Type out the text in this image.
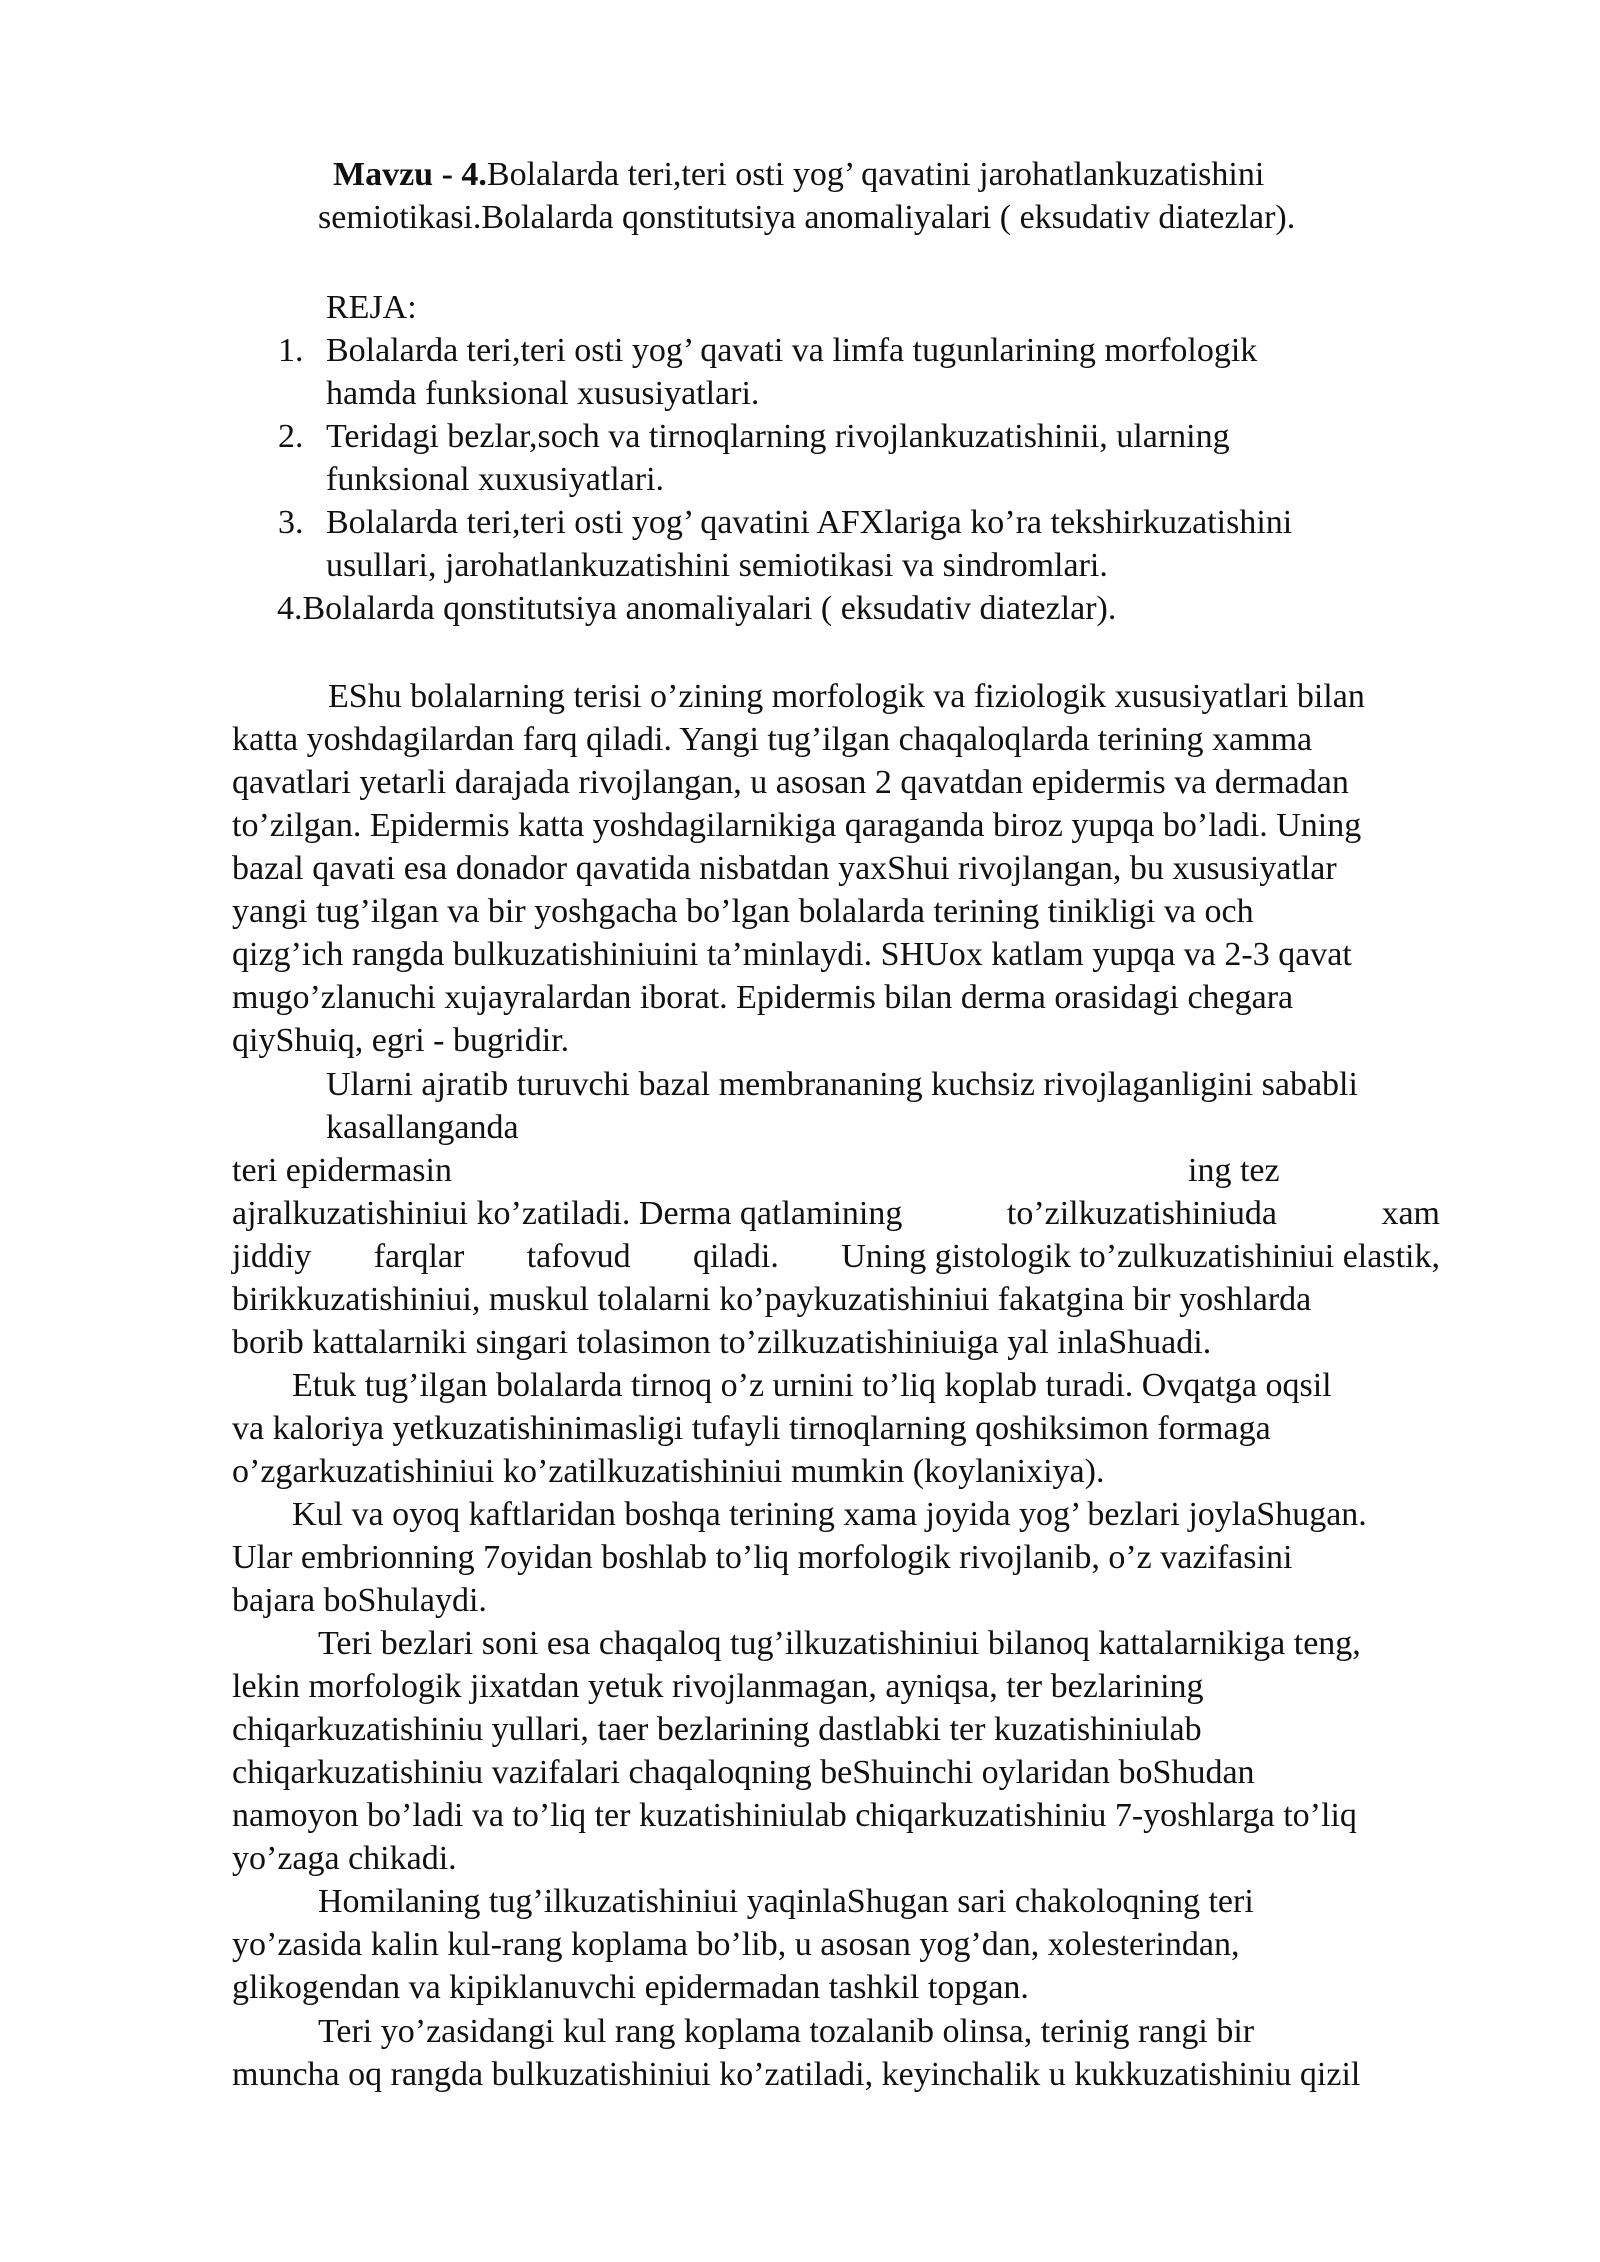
Mavzu - 4.Bolalarda teri,teri osti yog’ qavatini jarohatlankuzatishini
semiotikasi.Bolalarda qonstitutsiya anomaliyalari ( eksudativ diatezlar).
REJA:
1. Bolalarda teri,teri osti yog’ qavati va limfa tugunlarining morfologik
hamda funksional xususiyatlari.
2. Teridagi bezlar,soch va tirnoqlarning rivojlankuzatishinii, ularning
funksional xuxusiyatlari.
3. Bolalarda teri,teri osti yog’ qavatini AFXlariga ko’ra tekshirkuzatishini
usullari, jarohatlankuzatishini semiotikasi va sindromlari.
4.Bolalarda qonstitutsiya anomaliyalari ( eksudativ diatezlar).
EShu bolalarning terisi o’zining morfologik va fiziologik xususiyatlari bilan
katta yoshdagilardan farq qiladi. Yangi tug’ilgan chaqaloqlarda terining xamma
qavatlari yetarli darajada rivojlangan, u asosan 2 qavatdan epidermis va dermadan
to’zilgan. Epidermis katta yoshdagilarnikiga qaraganda biroz yupqa bo’ladi. Uning
bazal qavati esa donador qavatida nisbatdan yaxShui rivojlangan, bu xususiyatlar
yangi tug’ilgan va bir yoshgacha bo’lgan bolalarda terining tinikligi va och
qizg’ich rangda bulkuzatishiniuini ta’minlaydi. SHUox katlam yupqa va 2-3 qavat
mugo’zlanuchi xujayralardan iborat. Epidermis bilan derma orasidagi chegara
qiyShuiq, egri - bugridir.
Ularni ajratib turuvchi bazal membrananing kuchsiz rivojlaganligini sababli
kasallanganda
teri epidermasin	ing tez
ajralkuzatishiniui ko’zatiladi. Derma qatlamining	to’zilkuzatishiniuda	xam
jiddiy farqlar tafovud qiladi. Uning gistologik to’zulkuzatishiniui elastik,
birikkuzatishiniui, muskul tolalarni ko’paykuzatishiniui fakatgina bir yoshlarda
borib kattalarniki singari tolasimon to’zilkuzatishiniuiga yal inlaShuadi.
Etuk tug’ilgan bolalarda tirnoq o’z urnini to’liq koplab turadi. Ovqatga oqsil
va kaloriya yetkuzatishinimasligi tufayli tirnoqlarning qoshiksimon formaga
o’zgarkuzatishiniui ko’zatilkuzatishiniui mumkin (koylanixiya).
Kul va oyoq kaftlaridan boshqa terining xama joyida yog’ bezlari joylaShugan.
Ular embrionning 7oyidan boshlab to’liq morfologik rivojlanib, o’z vazifasini
bajara boShulaydi.
Teri bezlari soni esa chaqaloq tug’ilkuzatishiniui bilanoq kattalarnikiga teng,
lekin morfologik jixatdan yetuk rivojlanmagan, ayniqsa, ter bezlarining
chiqarkuzatishiniu yullari, taer bezlarining dastlabki ter kuzatishiniulab
chiqarkuzatishiniu vazifalari chaqaloqning beShuinchi oylaridan boShudan
namoyon bo’ladi va to’liq ter kuzatishiniulab chiqarkuzatishiniu 7-yoshlarga to’liq
yo’zaga chikadi.
Homilaning tug’ilkuzatishiniui yaqinlaShugan sari chakoloqning teri
yo’zasida kalin kul-rang koplama bo’lib, u asosan yog’dan, xolesterindan,
glikogendan va kipiklanuvchi epidermadan tashkil topgan.
Teri yo’zasidangi kul rang koplama tozalanib olinsa, terinig rangi bir
muncha oq rangda bulkuzatishiniui ko’zatiladi, keyinchalik u kukkuzatishiniu qizil
